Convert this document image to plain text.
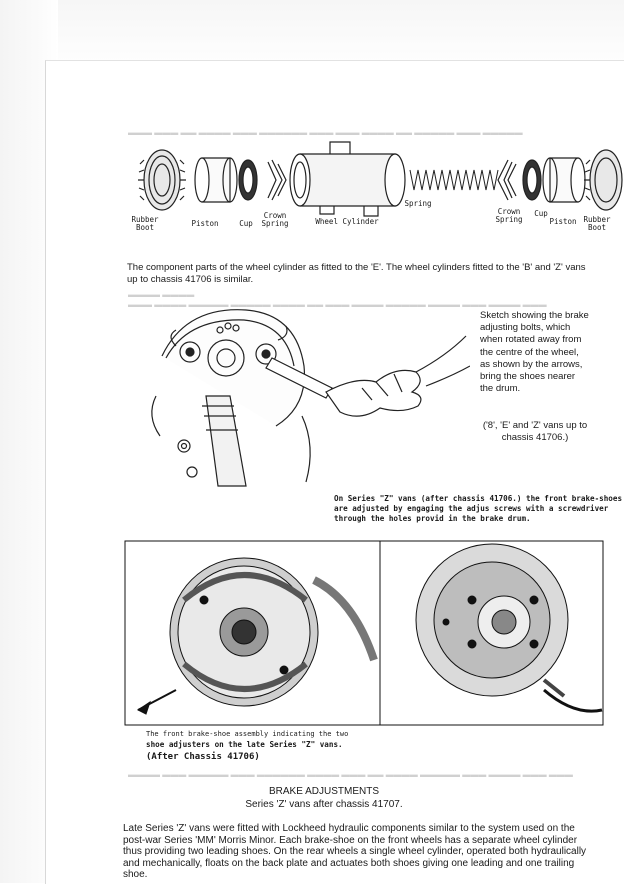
▬▬▬ ▬▬▬ ▬▬ ▬▬▬▬ ▬▬▬ ▬▬▬▬▬▬ ▬▬▬ ▬▬▬ ▬▬▬▬ ▬▬ ▬▬▬▬▬ ▬▬▬ ▬▬▬▬▬
▬▬▬▬ ▬▬▬▬
▬▬▬ ▬▬▬▬ ▬▬▬▬▬ ▬▬▬▬▬ ▬▬▬▬ ▬▬ ▬▬▬ ▬▬▬▬ ▬▬▬▬▬ ▬▬▬▬ ▬▬▬ ▬▬▬▬ ▬▬▬
▬▬▬▬ ▬▬▬ ▬▬▬▬▬ ▬▬▬ ▬▬▬▬▬▬ ▬▬▬▬ ▬▬▬ ▬▬ ▬▬▬▬ ▬▬▬▬▬ ▬▬▬ ▬▬▬▬ ▬▬▬ ▬▬▬
Rubber Boot	Piston	Cup
Crown Spring	Wheel Cylinder
Spring
Crown Spring
Cup
Piston Rubber Boot
The component parts of the wheel cylinder as fitted to the 'E'. The wheel cylinders fitted to the 'B' and 'Z' vans up to chassis 41706 is similar.
Sketch showing the brake adjusting bolts, which when rotated away from the centre of the wheel, as shown by the arrows, bring the shoes nearer the drum.
('8', 'E' and 'Z' vans up to chassis 41706.)
On Series "Z" vans (after chassis 41706.) the front brake-shoes are adjusted by engaging the adjus screws with a screwdriver through the holes provid in the brake drum.
The front brake-shoe assembly indicating the two
shoe adjusters on the late Series "Z" vans.
(After Chassis 41706)
BRAKE ADJUSTMENTS
Series 'Z' vans after chassis 41707.
Late Series 'Z' vans were fitted with Lockheed hydraulic components similar to the system used on the post-war Series 'MM' Morris Minor. Each brake-shoe on the front wheels has a separate wheel cylinder thus providing two leading shoes. On the rear wheels a single wheel cylinder, operated both hydraulically and mechanically, floats on the back plate and actuates both shoes giving one leading and one trailing shoe.
